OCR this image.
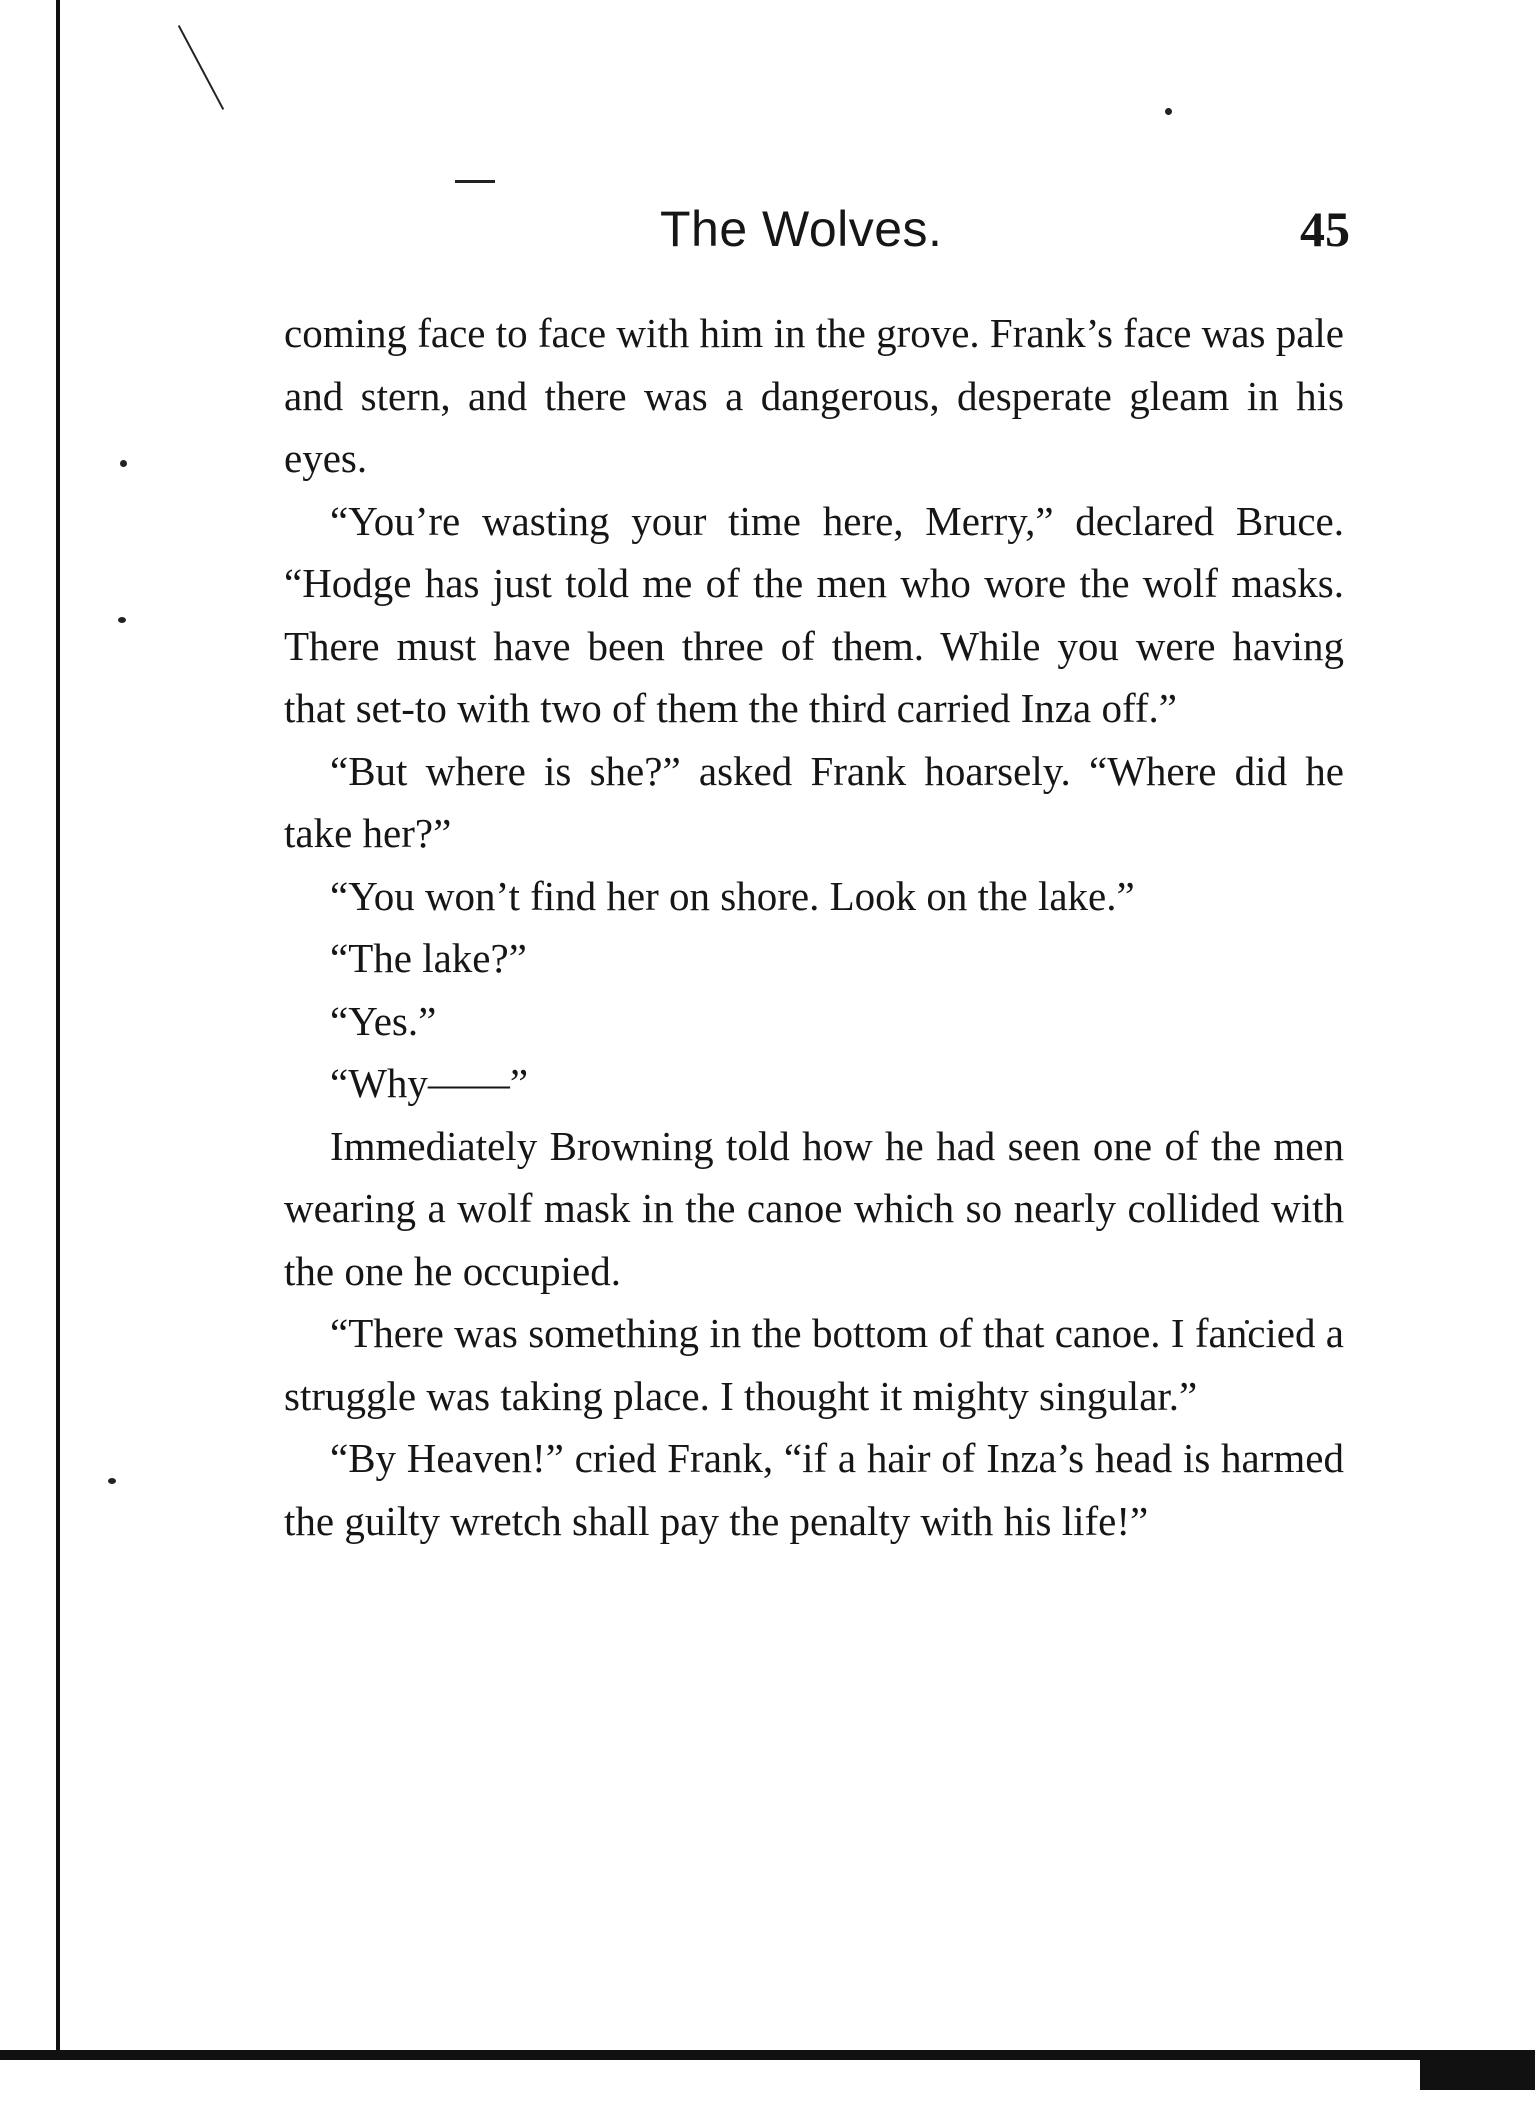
The Wolves.	45

coming face to face with him in the grove. Frank’s face was pale and stern, and there was a dangerous, desperate gleam in his eyes.

“You’re wasting your time here, Merry,” declared Bruce. “Hodge has just told me of the men who wore the wolf masks. There must have been three of them. While you were having that set-to with two of them the third carried Inza off.”

“But where is she?” asked Frank hoarsely. “Where did he take her?”

“You won’t find her on shore. Look on the lake.”

“The lake?”

“Yes.”

“Why——”

Immediately Browning told how he had seen one of the men wearing a wolf mask in the canoe which so nearly collided with the one he occupied.

“There was something in the bottom of that canoe. I fancied a struggle was taking place. I thought it mighty singular.”

“By Heaven!” cried Frank, “if a hair of Inza’s head is harmed the guilty wretch shall pay the penalty with his life!”
